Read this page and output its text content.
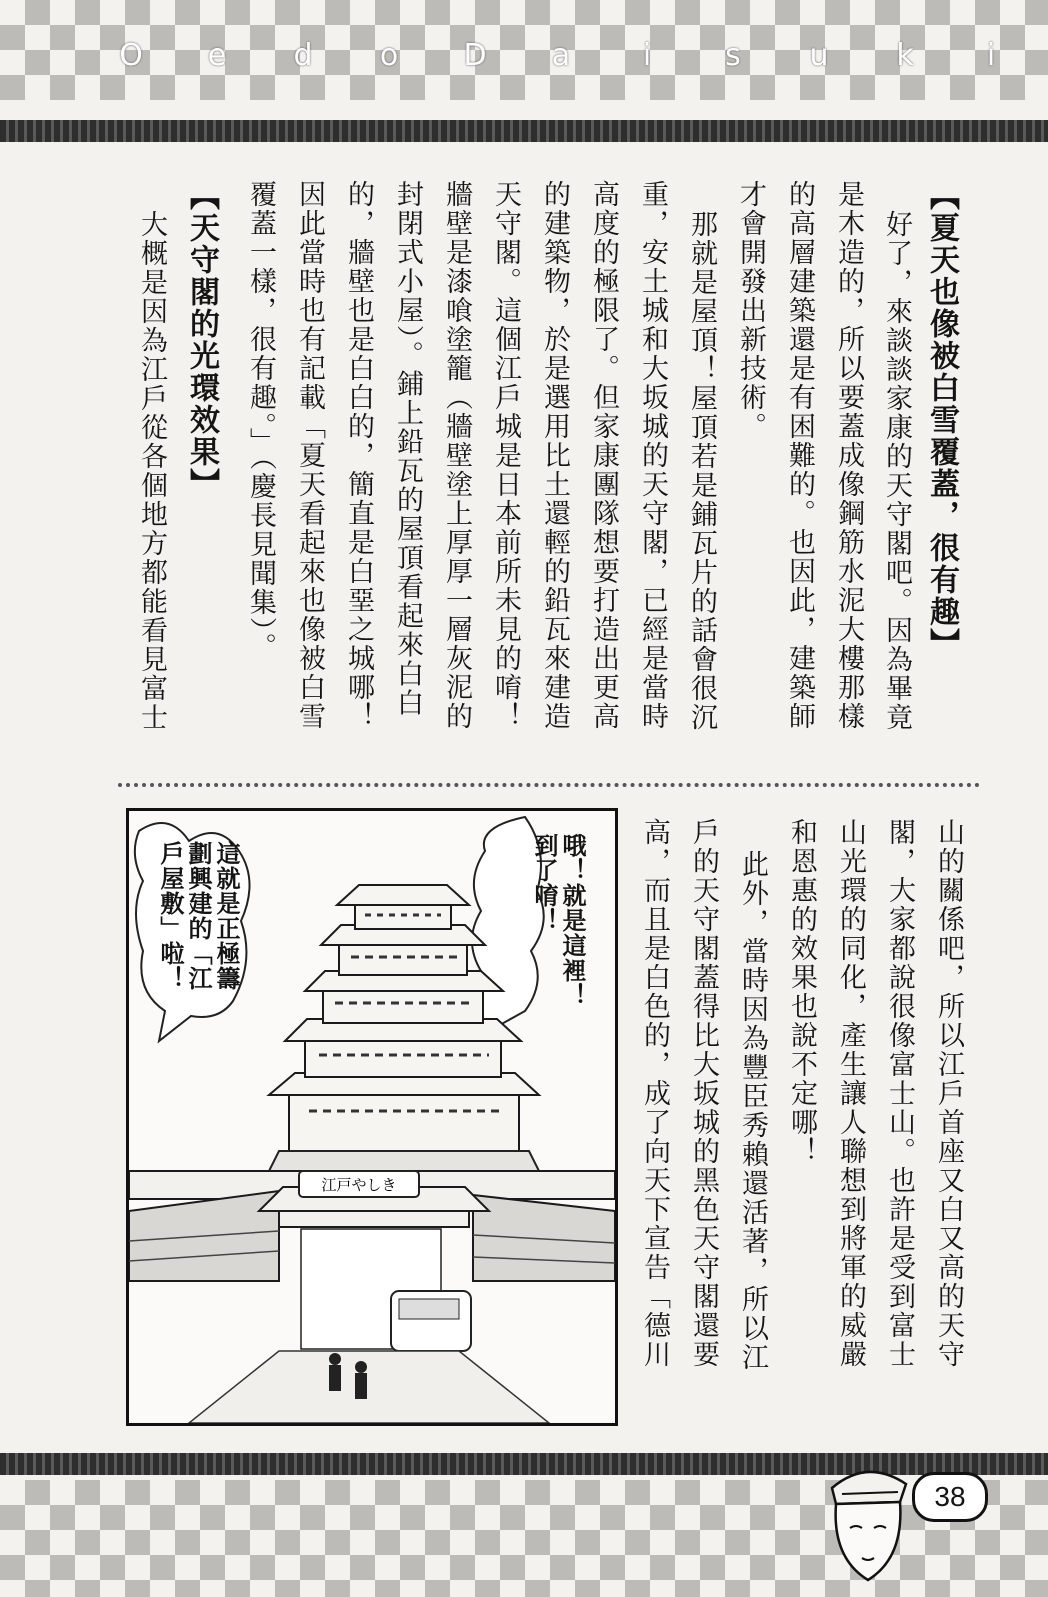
O	e	d	o	D	a	i	s	u	k	i
【夏天也像被白雪覆蓋，很有趣】
好了，來談談家康的天守閣吧。因為畢竟
是木造的，所以要蓋成像鋼筋水泥大樓那樣
的高層建築還是有困難的。也因此，建築師
才會開發出新技術。
那就是屋頂！屋頂若是鋪瓦片的話會很沉
重，安土城和大坂城的天守閣，已經是當時
高度的極限了。但家康團隊想要打造出更高
的建築物，於是選用比土還輕的鉛瓦來建造
天守閣。這個江戶城是日本前所未見的唷！
牆壁是漆喰塗籠（牆壁塗上厚厚一層灰泥的
封閉式小屋）。鋪上鉛瓦的屋頂看起來白白
的，牆壁也是白白的，簡直是白堊之城哪！
因此當時也有記載「夏天看起來也像被白雪
覆蓋一樣，很有趣。」（慶長見聞集）。
【天守閣的光環效果】
大概是因為江戶從各個地方都能看見富士
山的關係吧，所以江戶首座又白又高的天守
閣，大家都說很像富士山。也許是受到富士
山光環的同化，產生讓人聯想到將軍的威嚴
和恩惠的效果也說不定哪！
此外，當時因為豐臣秀賴還活著，所以江
戶的天守閣蓋得比大坂城的黑色天守閣還要
高，而且是白色的，成了向天下宣告「德川
江戸やしき
哦！就是這裡！
到了唷！
這就是正極籌
劃興建的「江
戶屋敷」啦！
38
